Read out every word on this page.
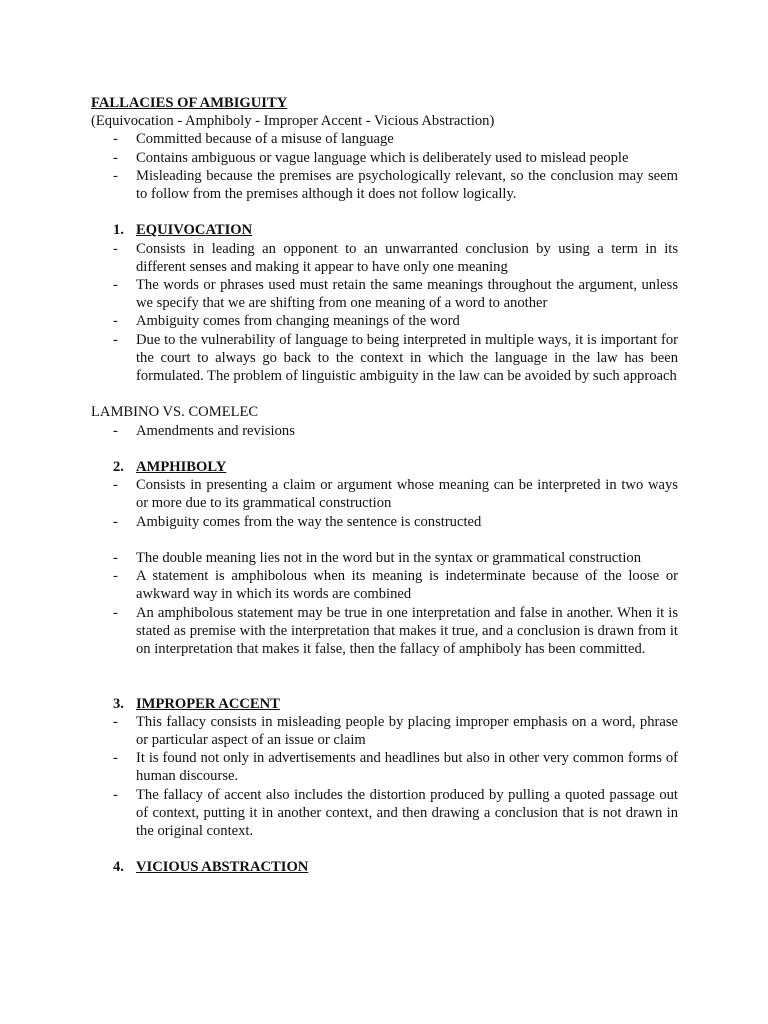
FALLACIES OF AMBIGUITY

(Equivocation - Amphiboly - Improper Accent - Vicious Abstraction)

- Committed because of a misuse of language
- Contains ambiguous or vague language which is deliberately used to mislead people
- Misleading because the premises are psychologically relevant, so the conclusion may seem to follow from the premises although it does not follow logically.

1. EQUIVOCATION

- Consists in leading an opponent to an unwarranted conclusion by using a term in its different senses and making it appear to have only one meaning
- The words or phrases used must retain the same meanings throughout the argument, unless we specify that we are shifting from one meaning of a word to another
- Ambiguity comes from changing meanings of the word
- Due to the vulnerability of language to being interpreted in multiple ways, it is important for the court to always go back to the context in which the language in the law has been formulated. The problem of linguistic ambiguity in the law can be avoided by such approach

LAMBINO VS. COMELEC

- Amendments and revisions

2. AMPHIBOLY

- Consists in presenting a claim or argument whose meaning can be interpreted in two ways or more due to its grammatical construction
- Ambiguity comes from the way the sentence is constructed
- The double meaning lies not in the word but in the syntax or grammatical construction
- A statement is amphibolous when its meaning is indeterminate because of the loose or awkward way in which its words are combined
- An amphibolous statement may be true in one interpretation and false in another. When it is stated as premise with the interpretation that makes it true, and a conclusion is drawn from it on interpretation that makes it false, then the fallacy of amphiboly has been committed.

3. IMPROPER ACCENT

- This fallacy consists in misleading people by placing improper emphasis on a word, phrase or particular aspect of an issue or claim
- It is found not only in advertisements and headlines but also in other very common forms of human discourse.
- The fallacy of accent also includes the distortion produced by pulling a quoted passage out of context, putting it in another context, and then drawing a conclusion that is not drawn in the original context.

4. VICIOUS ABSTRACTION
